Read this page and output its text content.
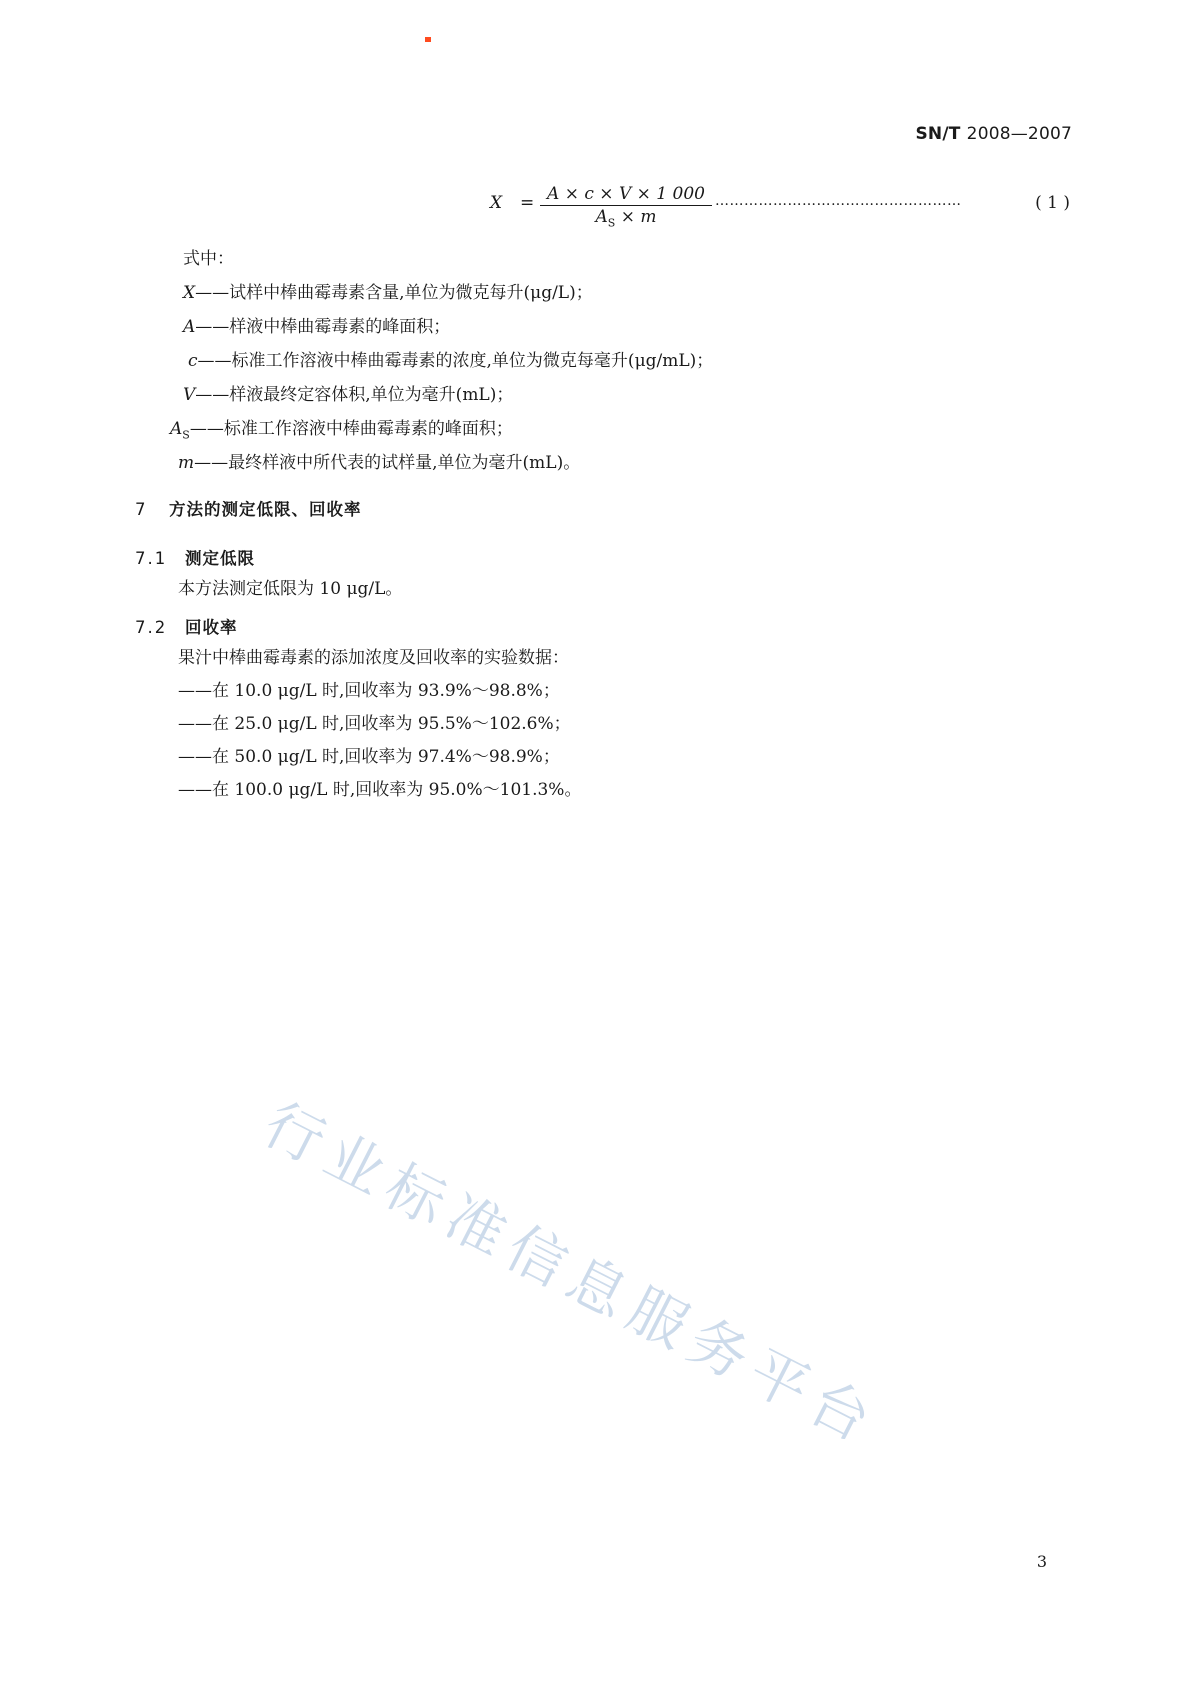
SN/T 2008—2007
X = A × c × V × 1 000
$A_S \times m$
……………………………………………	( 1 )
式中：
X——试样中棒曲霉毒素含量,单位为微克每升(μg/L)；
A——样液中棒曲霉毒素的峰面积；
c——标准工作溶液中棒曲霉毒素的浓度,单位为微克每毫升(μg/mL)；
V——样液最终定容体积,单位为毫升(mL)；
$A_S——$标准工作溶液中棒曲霉毒素的峰面积；
m——最终样液中所代表的试样量,单位为毫升(mL)。
7 方法的测定低限、回收率
7.1 测定低限
本方法测定低限为 10 μg/L。
7.2 回收率
果汁中棒曲霉毒素的添加浓度及回收率的实验数据：
——在 10.0 μg/L 时,回收率为 93.9%～98.8%；
——在 25.0 μg/L 时,回收率为 95.5%～102.6%；
——在 50.0 μg/L 时,回收率为 97.4%～98.9%；
——在 100.0 μg/L 时,回收率为 95.0%～101.3%。
行业标准信息服务平台
3
